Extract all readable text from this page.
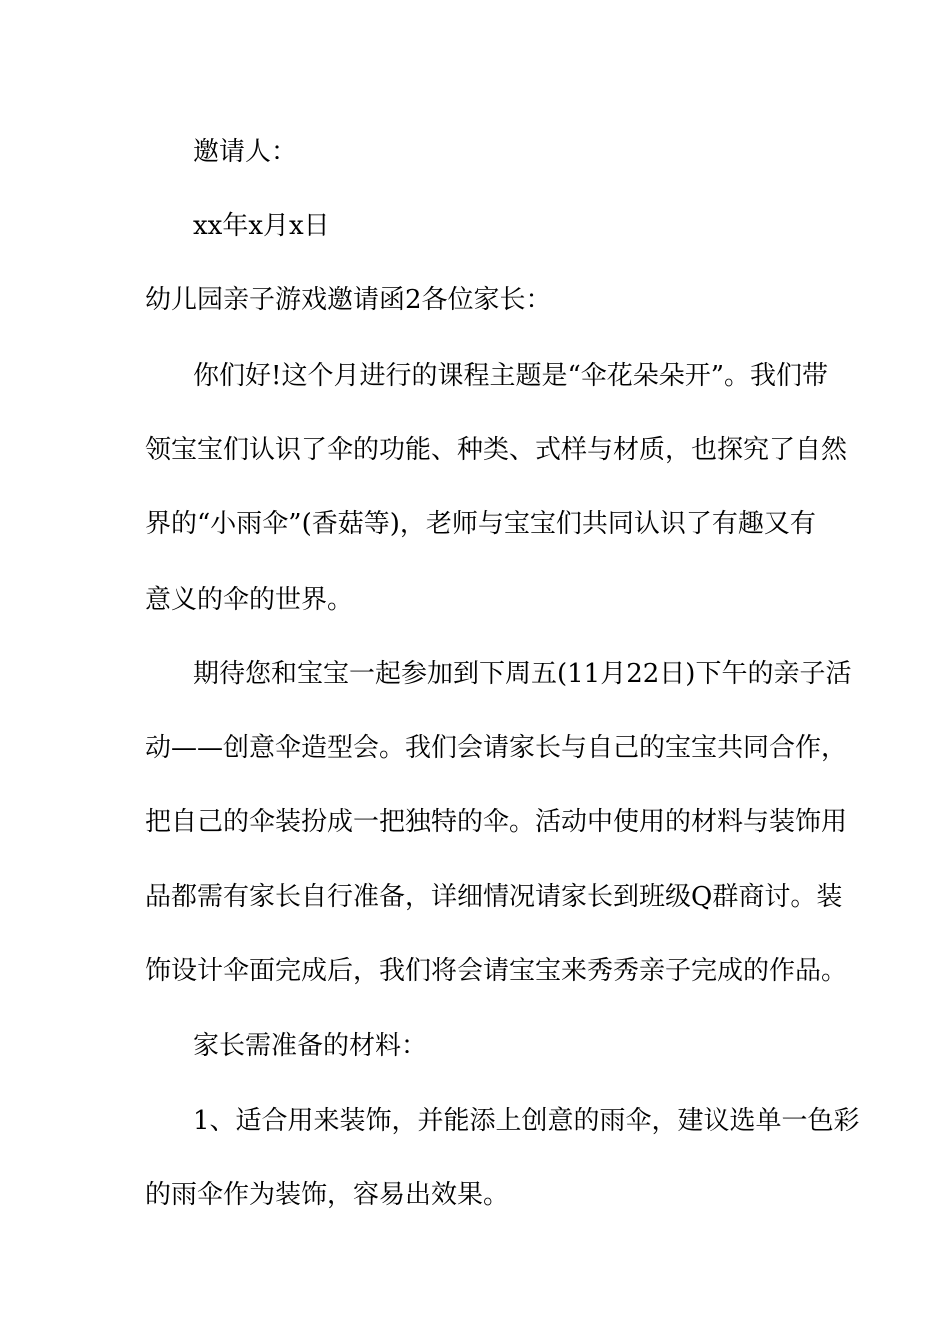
邀请人：
xx年x月x日
幼儿园亲子游戏邀请函2各位家长：
你们好!这个月进行的课程主题是“伞花朵朵开”。我们带
领宝宝们认识了伞的功能、种类、式样与材质，也探究了自然
界的“小雨伞”(香菇等)，老师与宝宝们共同认识了有趣又有
意义的伞的世界。
期待您和宝宝一起参加到下周五(11月22日)下午的亲子活
动——创意伞造型会。我们会请家长与自己的宝宝共同合作，
把自己的伞装扮成一把独特的伞。活动中使用的材料与装饰用
品都需有家长自行准备，详细情况请家长到班级Q群商讨。装
饰设计伞面完成后，我们将会请宝宝来秀秀亲子完成的作品。
家长需准备的材料：
1、适合用来装饰，并能添上创意的雨伞，建议选单一色彩
的雨伞作为装饰，容易出效果。
